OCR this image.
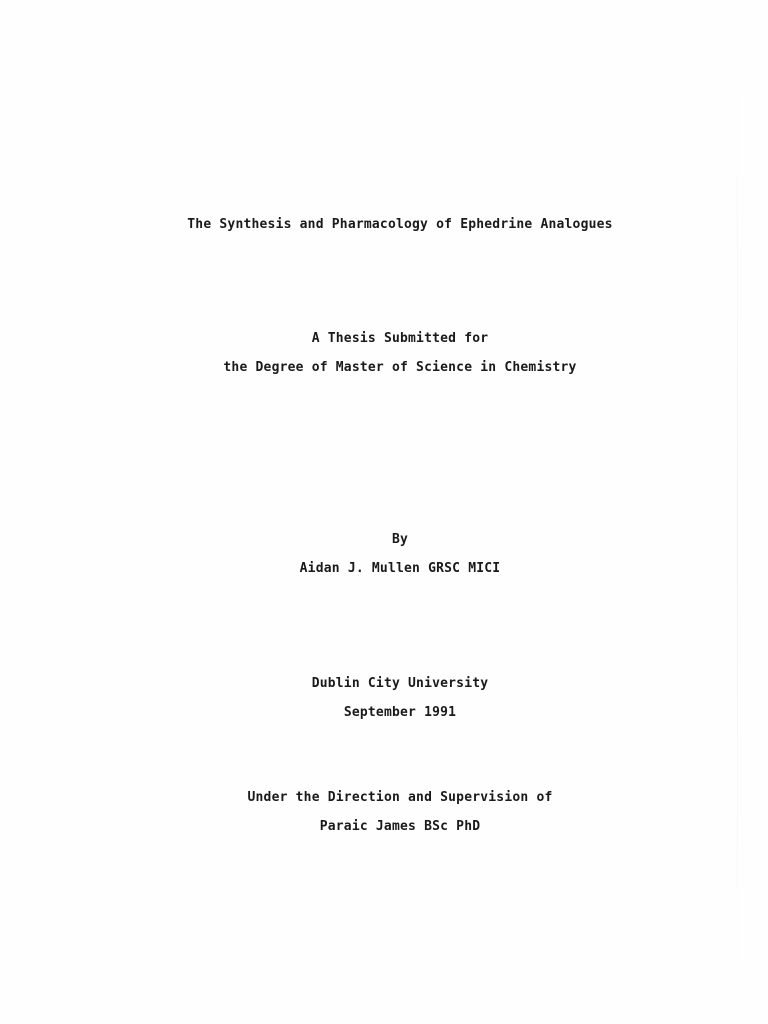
The Synthesis and Pharmacology of Ephedrine Analogues
A Thesis Submitted for
the Degree of Master of Science in Chemistry
By
Aidan J. Mullen GRSC MICI
Dublin City University
September 1991
Under the Direction and Supervision of
Paraic James BSc PhD
